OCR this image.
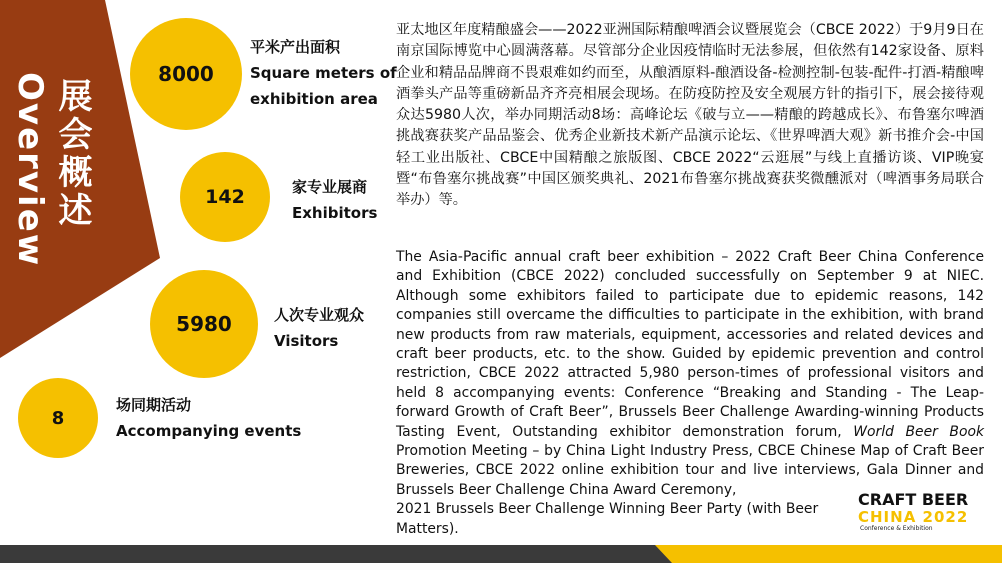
Overview 展会概述
8000
平米产出面积
Square meters of
exhibition area
142	家专业展商
Exhibitors
5980	人次专业观众
Visitors
8
场同期活动
Accompanying events
亚太地区年度精酿盛会——2022亚洲国际精酿啤酒会议暨展览会（CBCE 2022）于9月9日在南京国际博览中心圆满落幕。尽管部分企业因疫情临时无法参展，但依然有142家设备、原料企业和精品品牌商不畏艰难如约而至，从酿酒原料-酿酒设备-检测控制-包装-配件-打酒-精酿啤酒拳头产品等重磅新品齐齐亮相展会现场。在防疫防控及安全观展方针的指引下，展会接待观众达5980人次，举办同期活动8场：高峰论坛《破与立——精酿的跨越成长》、布鲁塞尔啤酒挑战赛获奖产品品鉴会、优秀企业新技术新产品演示论坛、《世界啤酒大观》新书推介会-中国轻工业出版社、CBCE中国精酿之旅版图、CBCE 2022“云逛展”与线上直播访谈、VIP晚宴暨“布鲁塞尔挑战赛”中国区颁奖典礼、2021布鲁塞尔挑战赛获奖微醺派对（啤酒事务局联合举办）等。
The Asia-Pacific annual craft beer exhibition – 2022 Craft Beer China Conference and Exhibition (CBCE 2022) concluded successfully on September 9 at NIEC. Although some exhibitors failed to participate due to epidemic reasons, 142 companies still overcame the difficulties to participate in the exhibition, with brand new products from raw materials, equipment, accessories and related devices and craft beer products, etc. to the show. Guided by epidemic prevention and control restriction, CBCE 2022 attracted 5,980 person-times of professional visitors and held 8 accompanying events: Conference “Breaking and Standing - The Leap-forward Growth of Craft Beer”, Brussels Beer Challenge Awarding-winning Products Tasting Event, Outstanding exhibitor demonstration forum, World Beer Book Promotion Meeting – by China Light Industry Press, CBCE Chinese Map of Craft Beer Breweries, CBCE 2022 online exhibition tour and live interviews, Gala Dinner and Brussels Beer Challenge China Award Ceremony,
2021 Brussels Beer Challenge Winning Beer Party (with Beer Matters).
CRAFT BEER
CHINA 2022
Conference & Exhibition
